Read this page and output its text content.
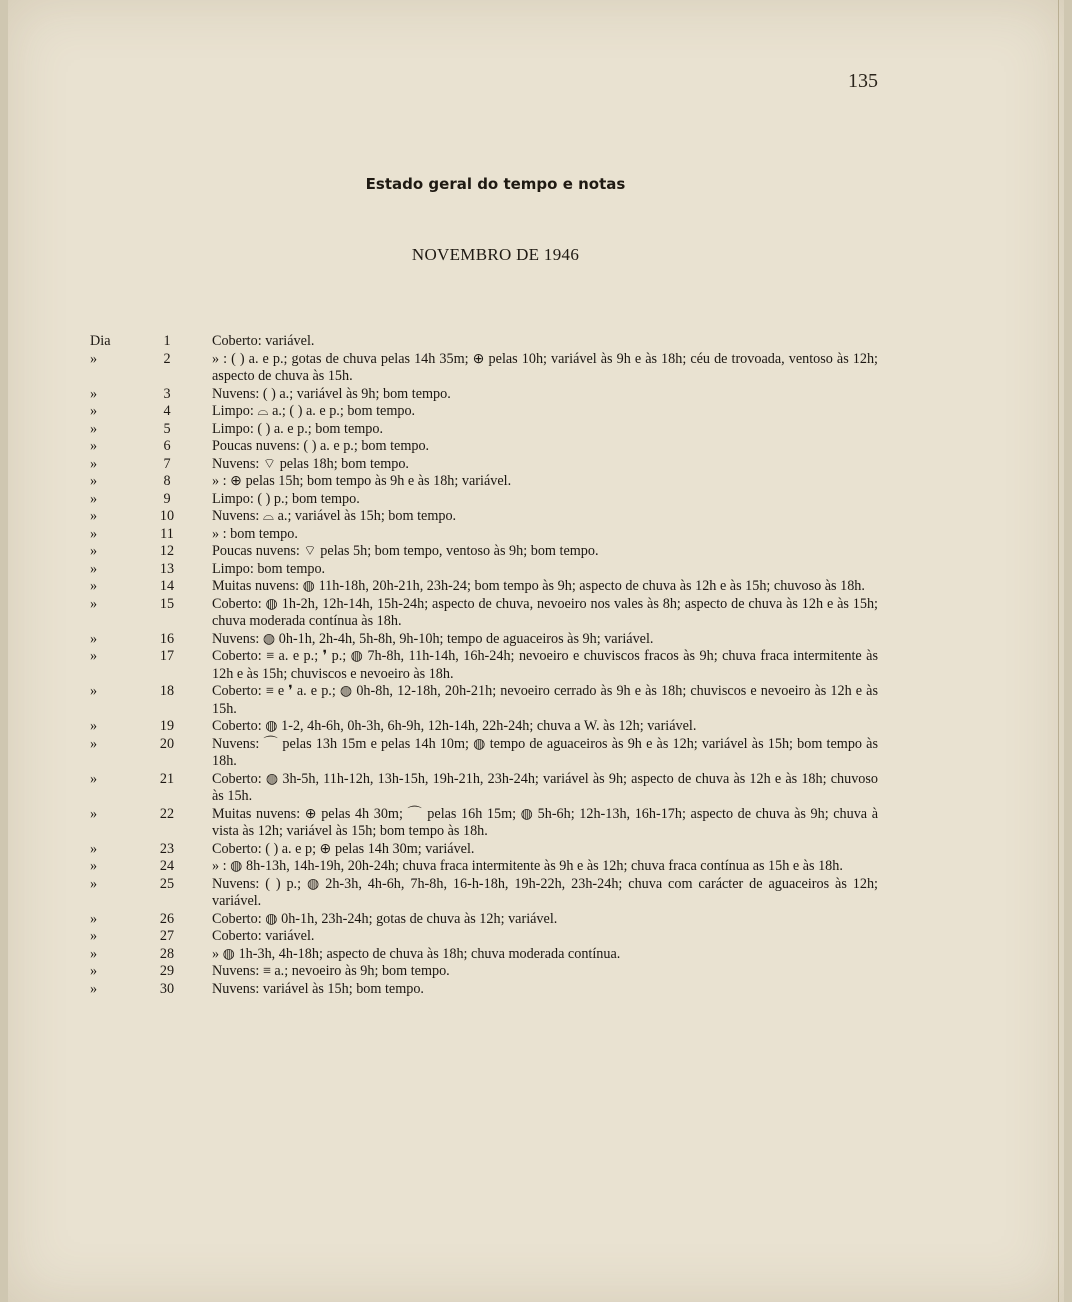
135
Estado geral do tempo e notas
NOVEMBRO DE 1946
Dia	1	Coberto: variável.
»	2	» : ( ) a. e p.; gotas de chuva pelas 14h 35m; ⊕ pelas 10h; variável às 9h e às 18h; céu de trovoada, ventoso às 12h; aspecto de chuva às 15h.
»	3	Nuvens: ( ) a.; variável às 9h; bom tempo.
»	4	Limpo: ⌓ a.; ( ) a. e p.; bom tempo.
»	5	Limpo: ( ) a. e p.; bom tempo.
»	6	Poucas nuvens: ( ) a. e p.; bom tempo.
»	7	Nuvens: ⌔ pelas 18h; bom tempo.
»	8	» : ⊕ pelas 15h; bom tempo às 9h e às 18h; variável.
»	9	Limpo: ( ) p.; bom tempo.
»	10	Nuvens: ⌓ a.; variável às 15h; bom tempo.
»	11	» : bom tempo.
»	12	Poucas nuvens: ⌔ pelas 5h; bom tempo, ventoso às 9h; bom tempo.
»	13	Limpo: bom tempo.
»	14	Muitas nuvens: ◍ 11h-18h, 20h-21h, 23h-24; bom tempo às 9h; aspecto de chuva às 12h e às 15h; chuvoso às 18h.
»	15	Coberto: ◍ 1h-2h, 12h-14h, 15h-24h; aspecto de chuva, nevoeiro nos vales às 8h; aspecto de chuva às 12h e às 15h; chuva moderada contínua às 18h.
»	16	Nuvens: ◍ 0h-1h, 2h-4h, 5h-8h, 9h-10h; tempo de aguaceiros às 9h; variável.
»	17	Coberto: ≡ a. e p.; ❜ p.; ◍ 7h-8h, 11h-14h, 16h-24h; nevoeiro e chuviscos fracos às 9h; chuva fraca intermitente às 12h e às 15h; chuviscos e nevoeiro às 18h.
»	18	Coberto: ≡ e ❜ a. e p.; ◍ 0h-8h, 12-18h, 20h-21h; nevoeiro cerrado às 9h e às 18h; chuviscos e nevoeiro às 12h e às 15h.
»	19	Coberto: ◍ 1-2, 4h-6h, 0h-3h, 6h-9h, 12h-14h, 22h-24h; chuva a W. às 12h; variável.
»	20	Nuvens: ⌒ pelas 13h 15m e pelas 14h 10m; ◍ tempo de aguaceiros às 9h e às 12h; variável às 15h; bom tempo às 18h.
»	21	Coberto: ◍ 3h-5h, 11h-12h, 13h-15h, 19h-21h, 23h-24h; variável às 9h; aspecto de chuva às 12h e às 18h; chuvoso às 15h.
»	22	Muitas nuvens: ⊕ pelas 4h 30m; ⌒ pelas 16h 15m; ◍ 5h-6h; 12h-13h, 16h-17h; aspecto de chuva às 9h; chuva à vista às 12h; variável às 15h; bom tempo às 18h.
»	23	Coberto: ( ) a. e p; ⊕ pelas 14h 30m; variável.
»	24	» : ◍ 8h-13h, 14h-19h, 20h-24h; chuva fraca intermitente às 9h e às 12h; chuva fraca contínua as 15h e às 18h.
»	25	Nuvens: ( ) p.; ◍ 2h-3h, 4h-6h, 7h-8h, 16-h-18h, 19h-22h, 23h-24h; chuva com carácter de aguaceiros às 12h; variável.
»	26	Coberto: ◍ 0h-1h, 23h-24h; gotas de chuva às 12h; variável.
»	27	Coberto: variável.
»	28	» ◍ 1h-3h, 4h-18h; aspecto de chuva às 18h; chuva moderada contínua.
»	29	Nuvens: ≡ a.; nevoeiro às 9h; bom tempo.
»	30	Nuvens: variável às 15h; bom tempo.
